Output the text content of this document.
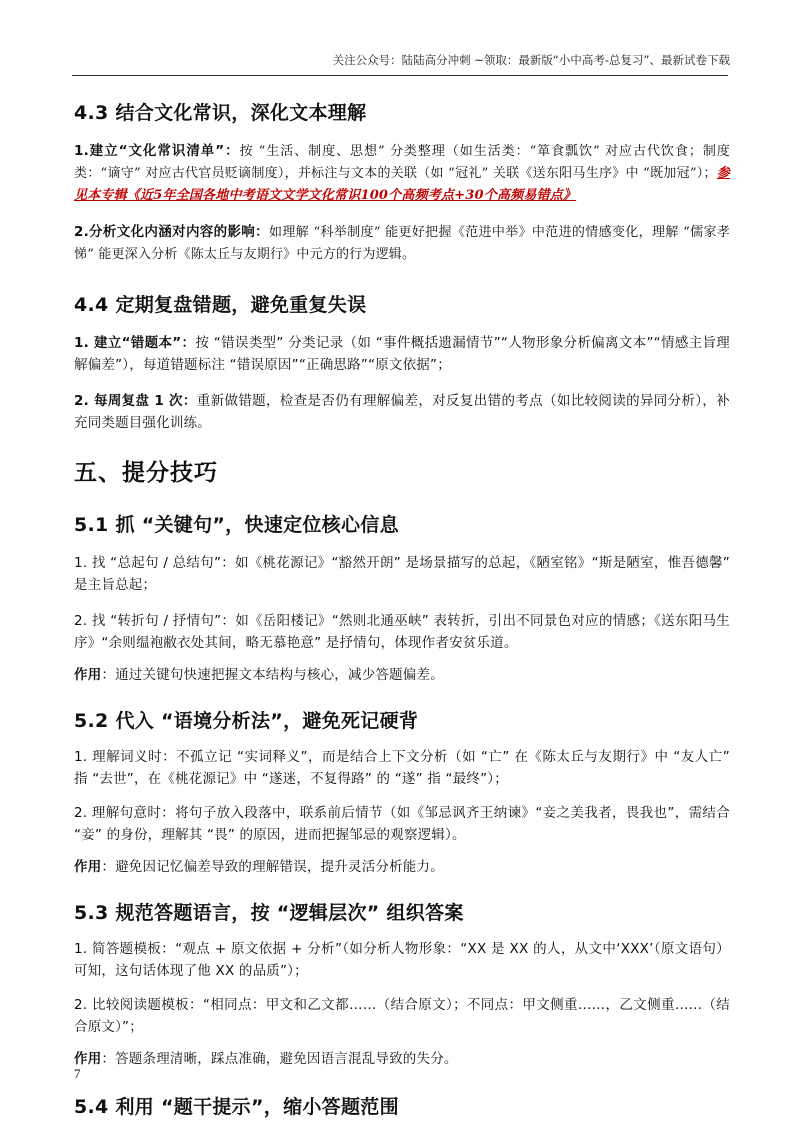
关注公众号：陆陆高分冲刺 ~领取：最新版“小中高考-总复习”、最新试卷下载
4.3 结合文化常识，深化文本理解

1.建立“文化常识清单”：按 “生活、制度、思想” 分类整理（如生活类：“箪食瓢饮” 对应古代饮食；制度类：“谪守” 对应古代官员贬谪制度），并标注与文本的关联（如 “冠礼” 关联《送东阳马生序》中 “既加冠”）；参见本专辑《近5年全国各地中考语文文学文化常识100个高频考点+30个高频易错点》

2.分析文化内涵对内容的影响：如理解 “科举制度” 能更好把握《范进中举》中范进的情感变化，理解 “儒家孝悌” 能更深入分析《陈太丘与友期行》中元方的行为逻辑。

4.4 定期复盘错题，避免重复失误

1. 建立“错题本”：按 “错误类型” 分类记录（如 “事件概括遗漏情节”“人物形象分析偏离文本”“情感主旨理解偏差”），每道错题标注 “错误原因”“正确思路”“原文依据”；

2. 每周复盘 1 次：重新做错题，检查是否仍有理解偏差，对反复出错的考点（如比较阅读的异同分析），补充同类题目强化训练。

五、提分技巧
5.1 抓 “关键句”，快速定位核心信息

1. 找 “总起句 / 总结句”：如《桃花源记》“豁然开朗” 是场景描写的总起，《陋室铭》“斯是陋室，惟吾德馨” 是主旨总起；

2. 找 “转折句 / 抒情句”：如《岳阳楼记》“然则北通巫峡” 表转折，引出不同景色对应的情感；《送东阳马生序》“余则缊袍敝衣处其间，略无慕艳意” 是抒情句，体现作者安贫乐道。

作用：通过关键句快速把握文本结构与核心，减少答题偏差。

5.2 代入 “语境分析法”，避免死记硬背

1. 理解词义时：不孤立记 “实词释义”，而是结合上下文分析（如 “亡” 在《陈太丘与友期行》中 “友人亡” 指 “去世”，在《桃花源记》中 “遂迷，不复得路” 的 “遂” 指 “最终”）；

2. 理解句意时：将句子放入段落中，联系前后情节（如《邹忌讽齐王纳谏》“妾之美我者，畏我也”，需结合 “妾” 的身份，理解其 “畏” 的原因，进而把握邹忌的观察逻辑）。

作用：避免因记忆偏差导致的理解错误，提升灵活分析能力。

5.3 规范答题语言，按 “逻辑层次” 组织答案

1. 简答题模板：“观点 + 原文依据 + 分析”（如分析人物形象：“XX 是 XX 的人，从文中‘XXX’（原文语句）可知，这句话体现了他 XX 的品质”）；

2. 比较阅读题模板：“相同点：甲文和乙文都……（结合原文）；不同点：甲文侧重……，乙文侧重……（结合原文）”；

作用：答题条理清晰，踩点准确，避免因语言混乱导致的失分。

5.4 利用 “题干提示”，缩小答题范围
7
